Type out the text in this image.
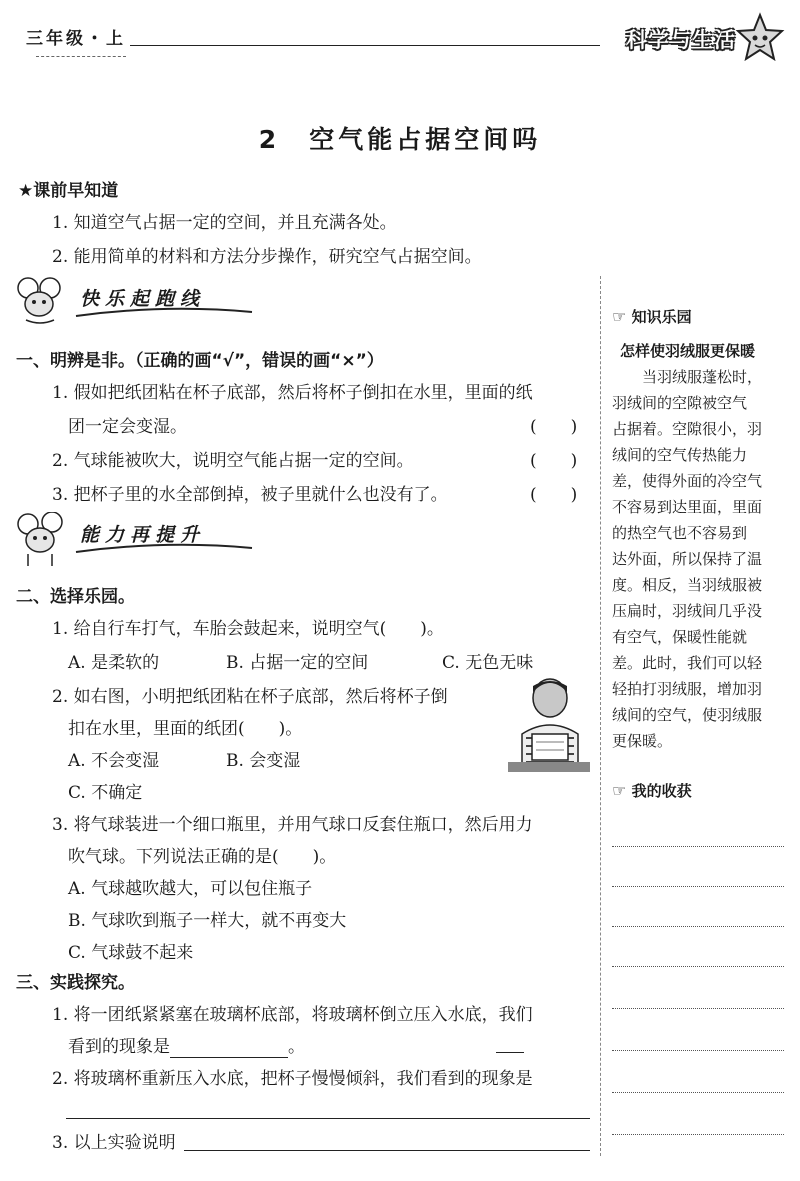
三年级・上	科学与生活
2　空气能占据空间吗
★课前早知道
1. 知道空气占据一定的空间，并且充满各处。
2. 能用简单的材料和方法分步操作，研究空气占据空间。
快乐起跑线
一、明辨是非。（正确的画“√”，错误的画“×”）
1. 假如把纸团粘在杯子底部，然后将杯子倒扣在水里，里面的纸
团一定会变湿。	(　　)
2. 气球能被吹大，说明空气能占据一定的空间。	(　　)
3. 把杯子里的水全部倒掉，被子里就什么也没有了。	(　　)
能力再提升
二、选择乐园。
1. 给自行车打气，车胎会鼓起来，说明空气(　　)。
A. 是柔软的	B. 占据一定的空间	C. 无色无味
2. 如右图，小明把纸团粘在杯子底部，然后将杯子倒
扣在水里，里面的纸团(　　)。
A. 不会变湿	B. 会变湿
C. 不确定
3. 将气球装进一个细口瓶里，并用气球口反套住瓶口，然后用力
吹气球。下列说法正确的是(　　)。
A. 气球越吹越大，可以包住瓶子
B. 气球吹到瓶子一样大，就不再变大
C. 气球鼓不起来
三、实践探究。
1. 将一团纸紧紧塞在玻璃杯底部，将玻璃杯倒立压入水底，我们
看到的现象是	。
2. 将玻璃杯重新压入水底，把杯子慢慢倾斜，我们看到的现象是
3. 以上实验说明
☞ 知识乐园
怎样使羽绒服更保暖
当羽绒服蓬松时，
羽绒间的空隙被空气
占据着。空隙很小，羽
绒间的空气传热能力
差，使得外面的冷空气
不容易到达里面，里面
的热空气也不容易到
达外面，所以保持了温
度。相反，当羽绒服被
压扁时，羽绒间几乎没
有空气，保暖性能就
差。此时，我们可以轻
轻拍打羽绒服，增加羽
绒间的空气，使羽绒服
更保暖。
☞ 我的收获
